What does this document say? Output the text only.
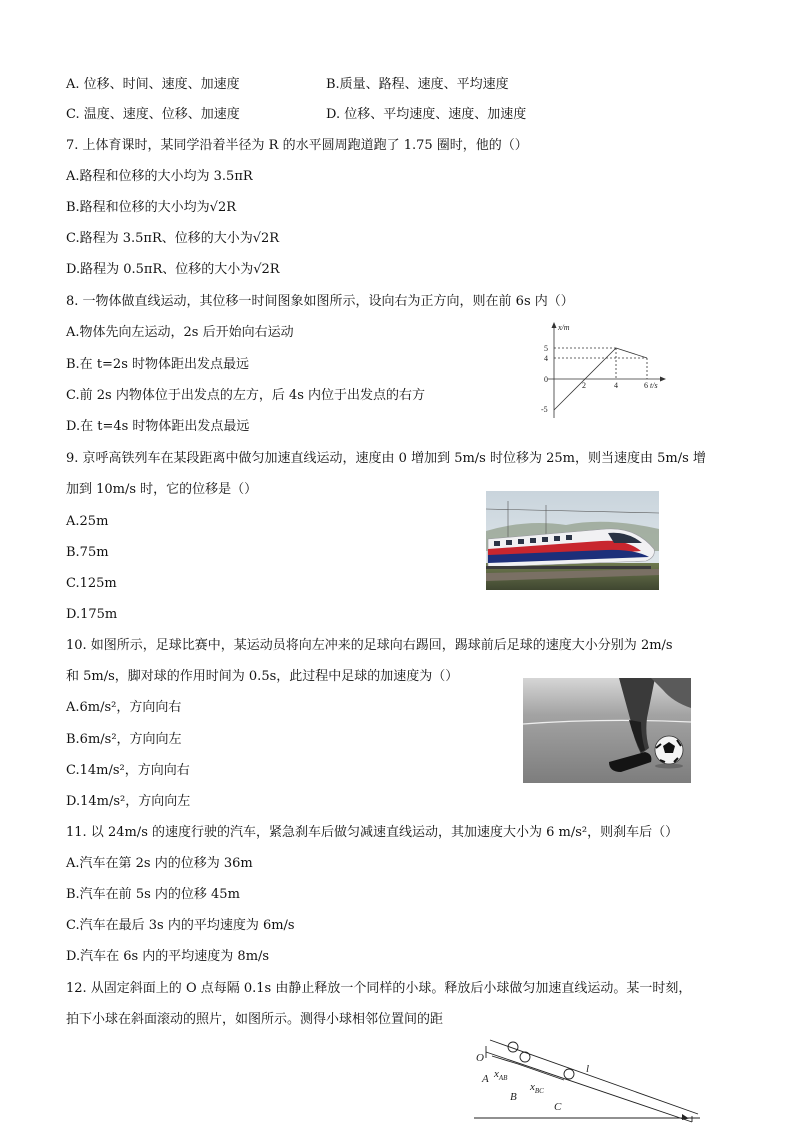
A. 位移、时间、速度、加速度	B.质量、路程、速度、平均速度
C. 温度、速度、位移、加速度	D. 位移、平均速度、速度、加速度
7. 上体育课时，某同学沿着半径为 R 的水平圆周跑道跑了 1.75 圈时，他的（）
A.路程和位移的大小均为 3.5πR
B.路程和位移的大小均为√2R
C.路程为 3.5πR、位移的大小为√2R
D.路程为 0.5πR、位移的大小为√2R
8. 一物体做直线运动，其位移一时间图象如图所示，设向右为正方向，则在前 6s 内（）
A.物体先向左运动，2s 后开始向右运动
B.在 t=2s 时物体距出发点最远
C.前 2s 内物体位于出发点的左方，后 4s 内位于出发点的右方
D.在 t=4s 时物体距出发点最远
x/m
t/s
5
4
0
-5
2	4	6
9. 京呼高铁列车在某段距离中做匀加速直线运动，速度由 0 增加到 5m/s 时位移为 25m，则当速度由 5m/s 增
加到 10m/s 时，它的位移是（）
A.25m
B.75m
C.125m
D.175m
10. 如图所示，足球比赛中，某运动员将向左冲来的足球向右踢回，踢球前后足球的速度大小分别为 2m/s
和 5m/s，脚对球的作用时间为 0.5s，此过程中足球的加速度为（）
A.6m/s²，方向向右
B.6m/s²，方向向左
C.14m/s²，方向向右
D.14m/s²，方向向左
11. 以 24m/s 的速度行驶的汽车，紧急刹车后做匀减速直线运动，其加速度大小为 6 m/s²，则刹车后（）
A.汽车在第 2s 内的位移为 36m
B.汽车在前 5s 内的位移 45m
C.汽车在最后 3s 内的平均速度为 6m/s
D.汽车在 6s 内的平均速度为 8m/s
12. 从固定斜面上的 O 点每隔 0.1s 由静止释放一个同样的小球。释放后小球做匀加速直线运动。某一时刻，
拍下小球在斜面滚动的照片，如图所示。测得小球相邻位置间的距
O
A
B
C
l
$x_{AB}$
$x_{BC}$
